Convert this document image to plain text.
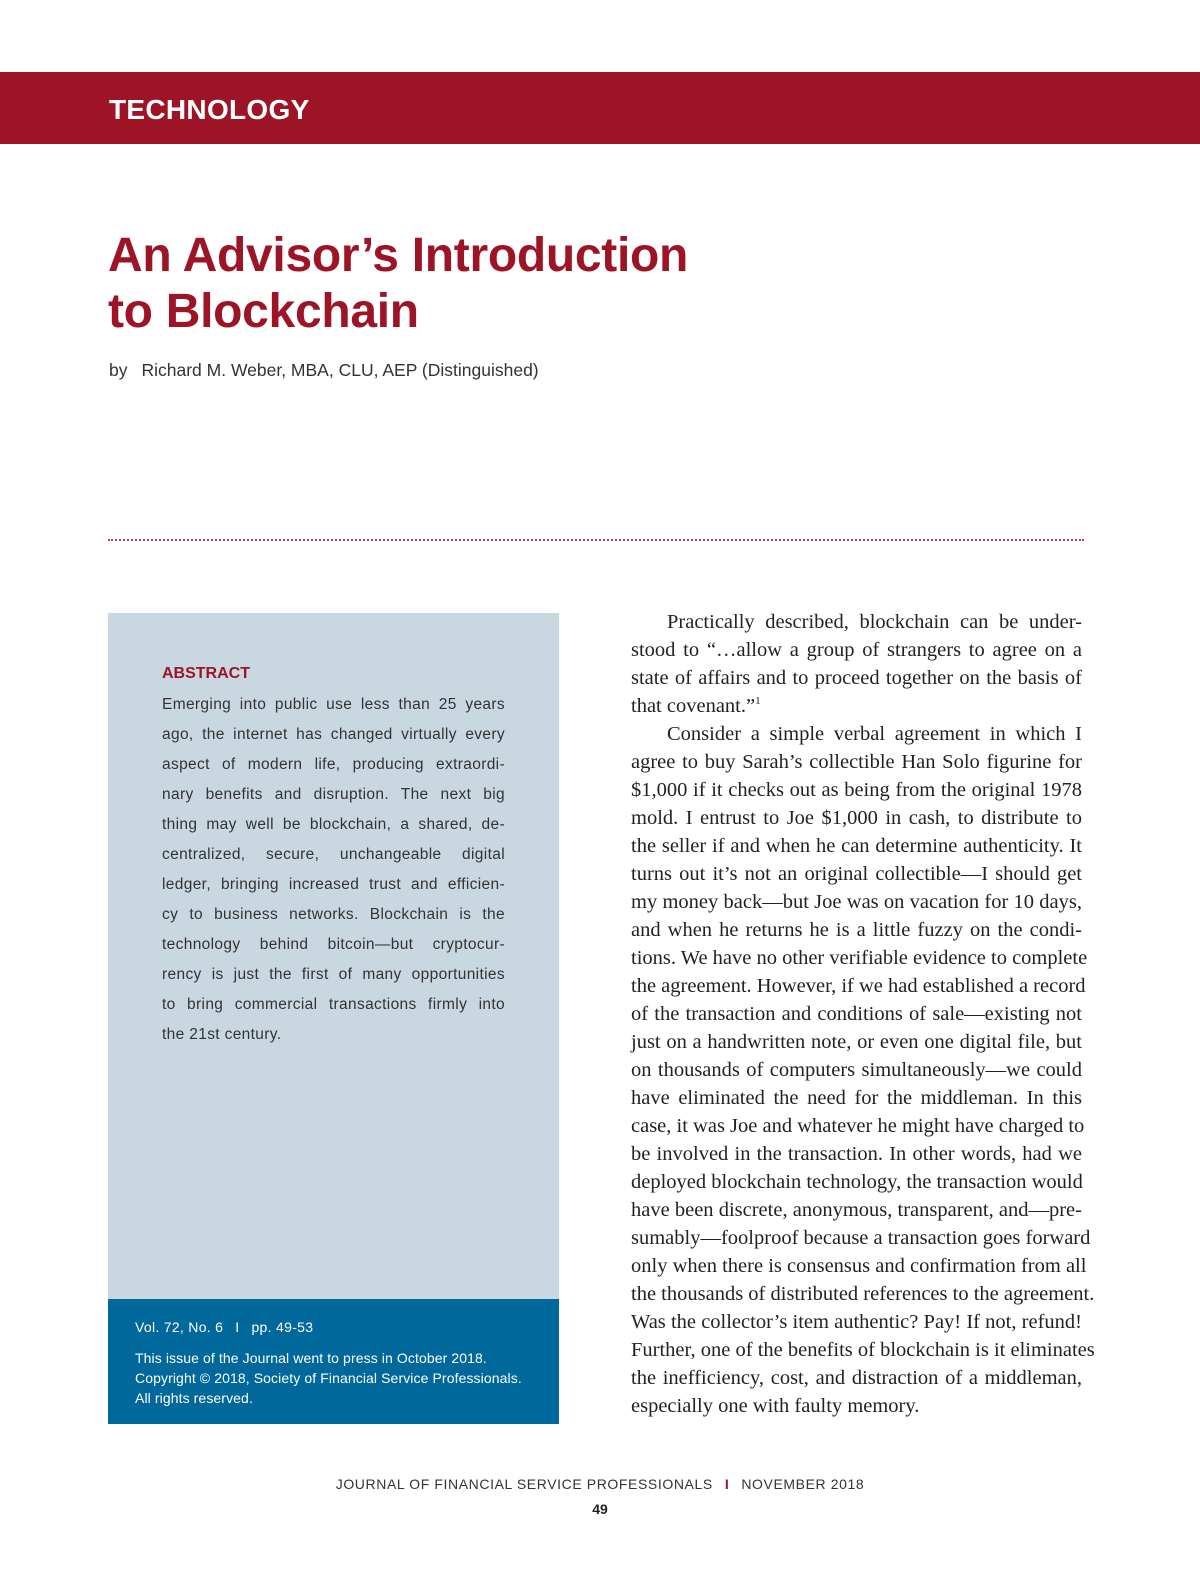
TECHNOLOGY
An Advisor’s Introduction
to Blockchain
by Richard M. Weber, MBA, CLU, AEP (Distinguished)
ABSTRACT
Emerging into public use less than 25 years
ago, the internet has changed virtually every
aspect of modern life, producing extraordi-
nary benefits and disruption. The next big
thing may well be blockchain, a shared, de-
centralized, secure, unchangeable digital
ledger, bringing increased trust and efficien-
cy to business networks. Blockchain is the
technology behind bitcoin—but cryptocur-
rency is just the first of many opportunities
to bring commercial transactions firmly into
the 21st century.
Vol. 72, No. 6 I pp. 49-53
This issue of the Journal went to press in October 2018.
Copyright © 2018, Society of Financial Service Professionals.
All rights reserved.
Practically described, blockchain can be under-
stood to “…allow a group of strangers to agree on a
state of affairs and to proceed together on the basis of
that covenant.”$^1$
Consider a simple verbal agreement in which I
agree to buy Sarah’s collectible Han Solo figurine for
$1,000 if it checks out as being from the original 1978
mold. I entrust to Joe $1,000 in cash, to distribute to
the seller if and when he can determine authenticity. It
turns out it’s not an original collectible—I should get
my money back—but Joe was on vacation for 10 days,
and when he returns he is a little fuzzy on the condi-
tions. We have no other verifiable evidence to complete
the agreement. However, if we had established a record
of the transaction and conditions of sale—existing not
just on a handwritten note, or even one digital file, but
on thousands of computers simultaneously—we could
have eliminated the need for the middleman. In this
case, it was Joe and whatever he might have charged to
be involved in the transaction. In other words, had we
deployed blockchain technology, the transaction would
have been discrete, anonymous, transparent, and—pre-
sumably—foolproof because a transaction goes forward
only when there is consensus and confirmation from all
the thousands of distributed references to the agreement.
Was the collector’s item authentic? Pay! If not, refund!
Further, one of the benefits of blockchain is it eliminates
the inefficiency, cost, and distraction of a middleman,
especially one with faulty memory.
JOURNAL OF FINANCIAL SERVICE PROFESSIONALS I NOVEMBER 2018
49
